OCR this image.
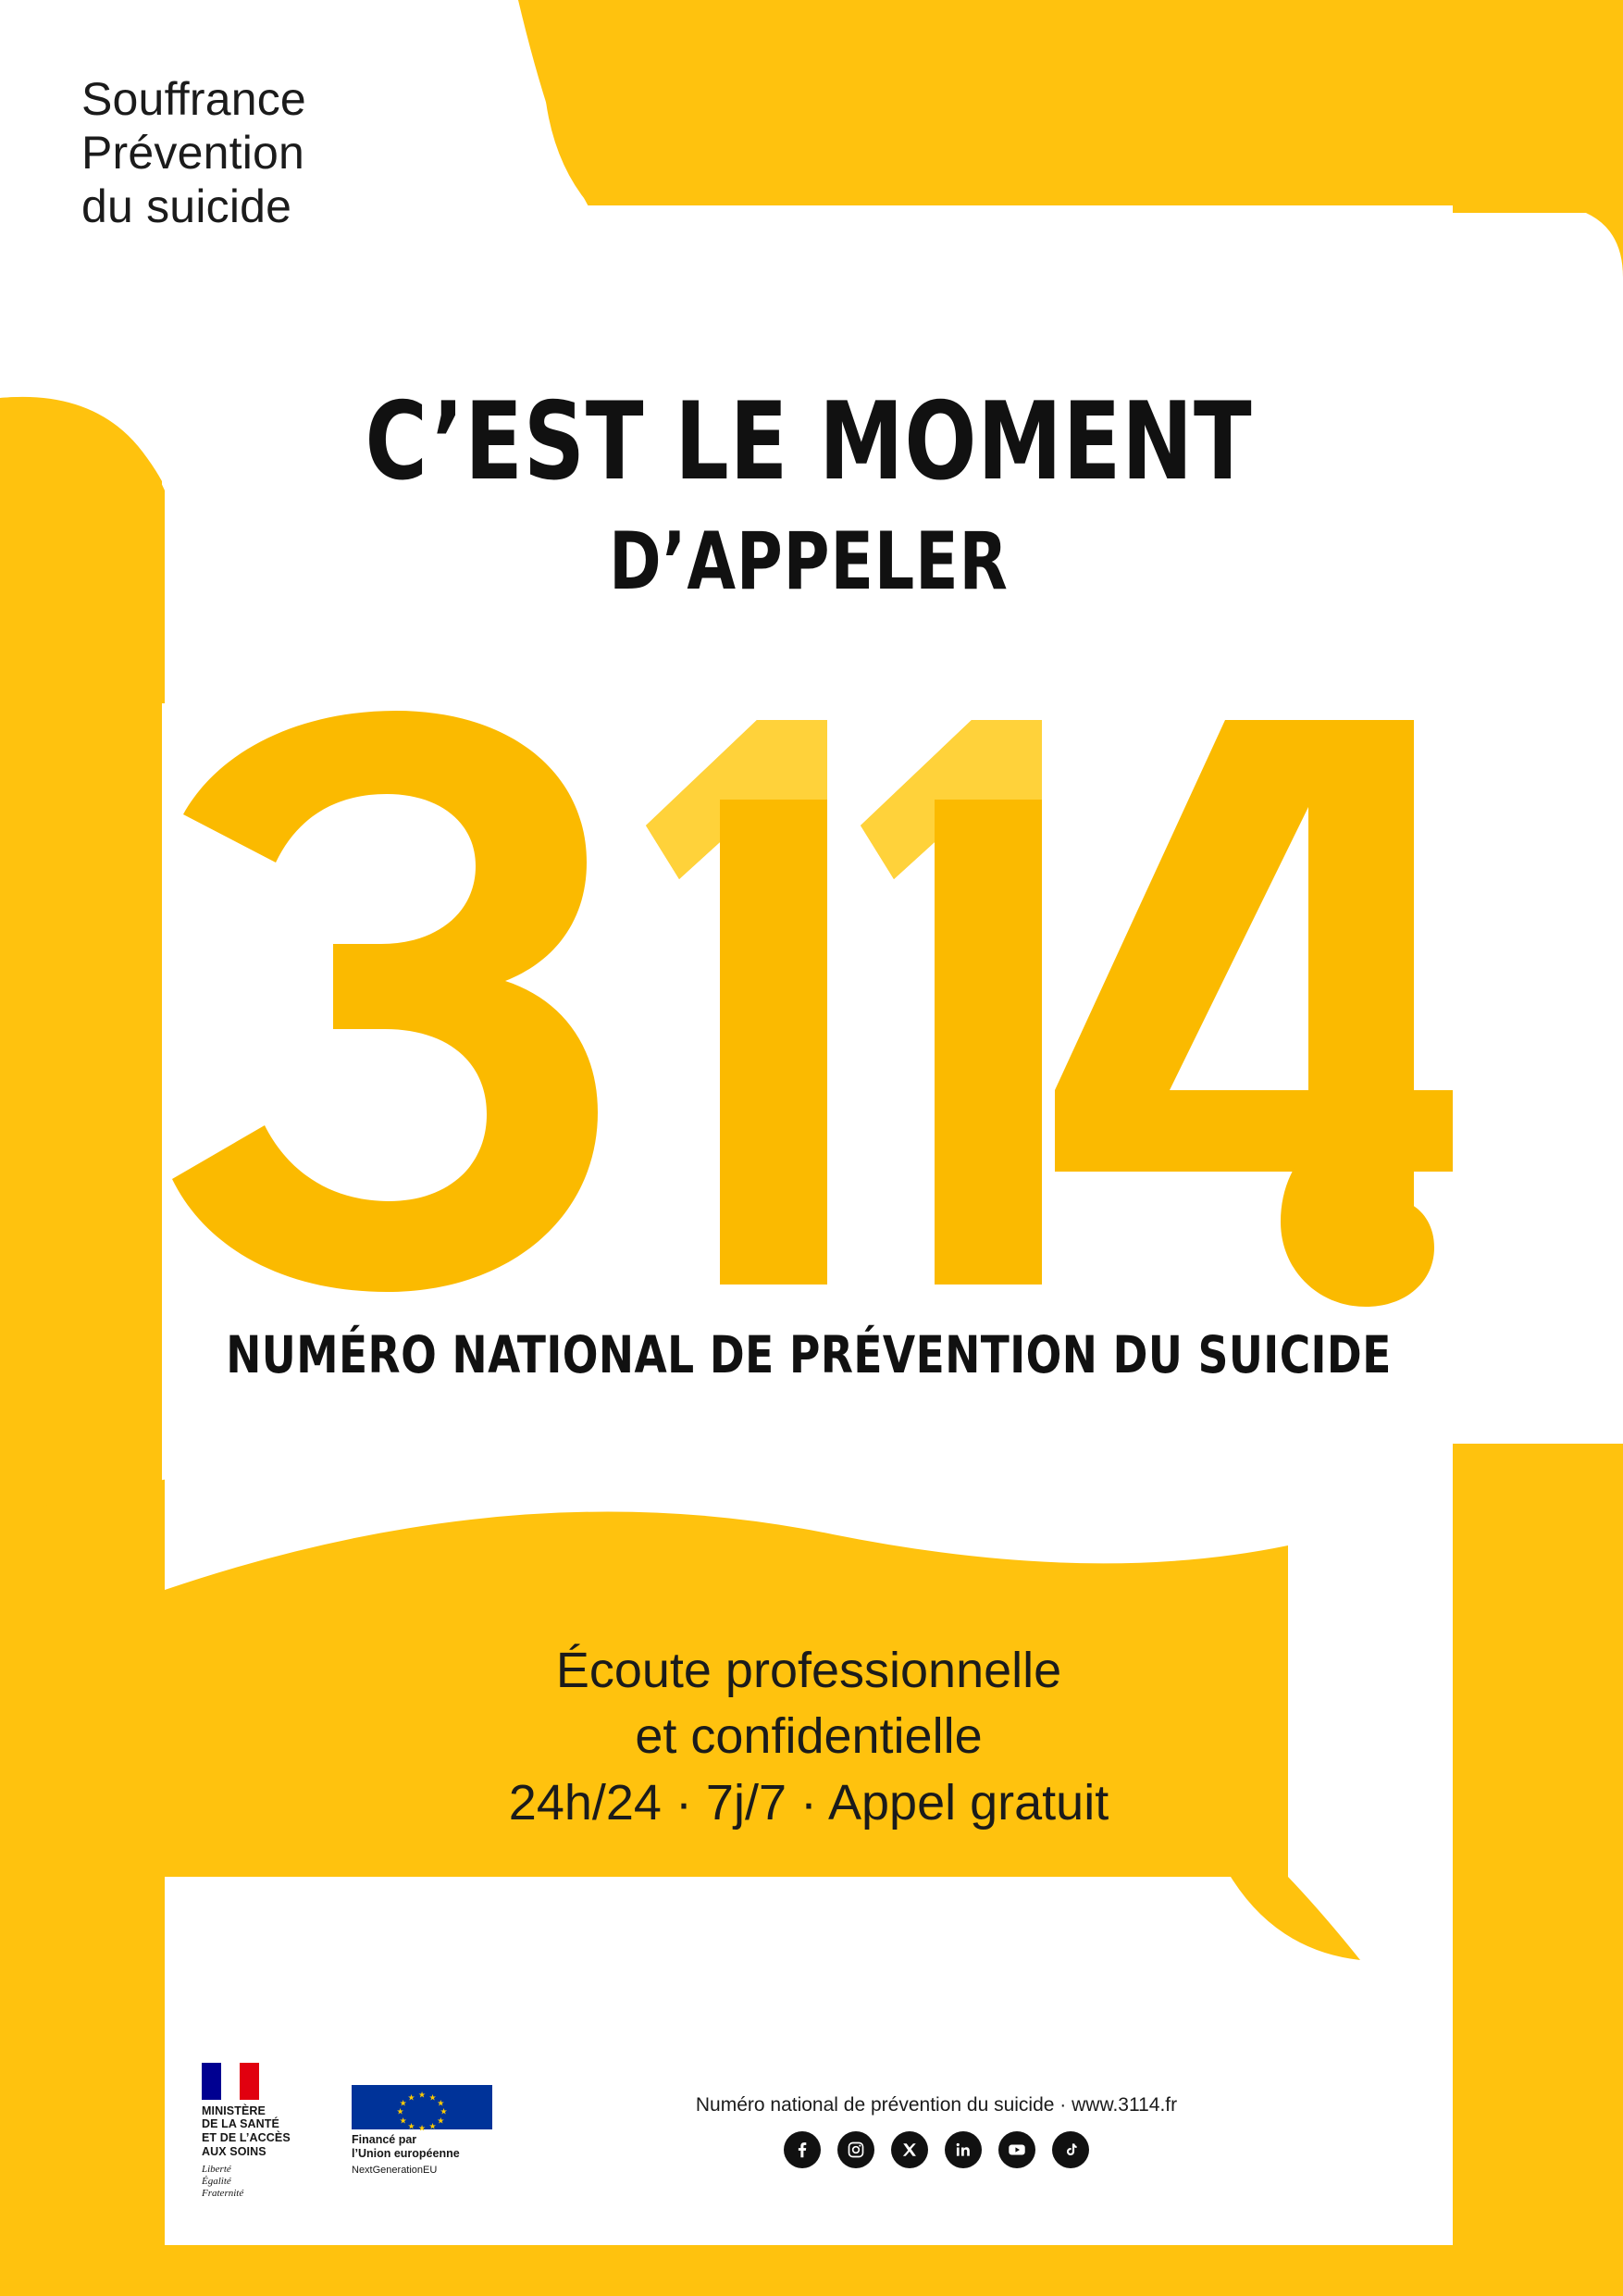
Souffrance
Prévention
du suicide
C’EST LE MOMENT
D’APPELER
NUMÉRO NATIONAL DE PRÉVENTION DU SUICIDE
Écoute professionnelle
et confidentielle
24h/24 · 7j/7 · Appel gratuit
MINISTÈRE
DE LA SANTÉ
ET DE L’ACCÈS
AUX SOINS
Liberté
Égalité
Fraternité
★ ★
★
★
★
★
★
★
★
★
★
★
Financé par
l’Union européenne
NextGenerationEU
Numéro national de prévention du suicide · www.3114.fr
